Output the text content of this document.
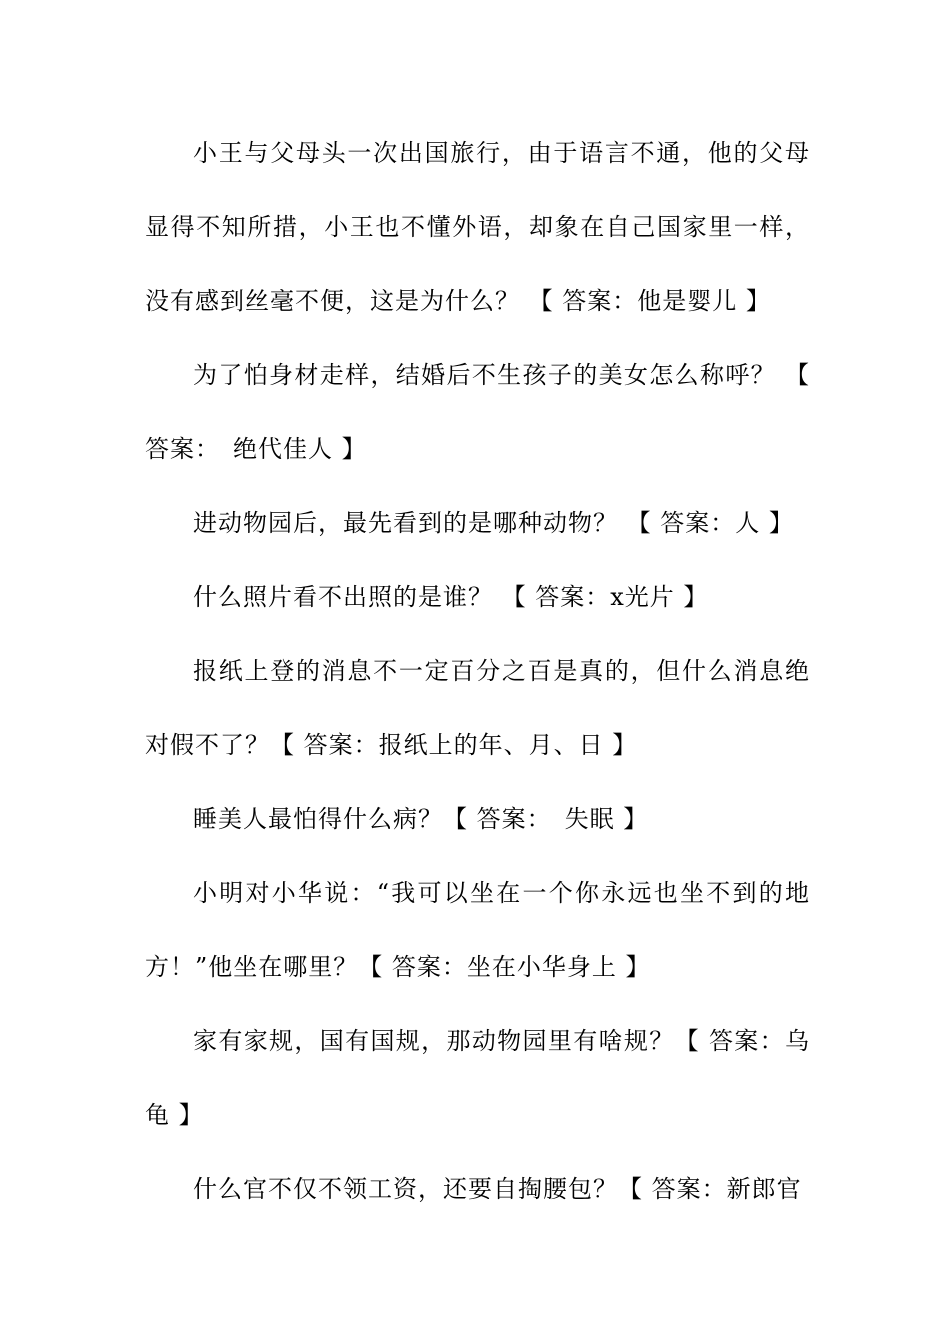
小王与父母头一次出国旅行，由于语言不通，他的父母显得不知所措，小王也不懂外语，却象在自己国家里一样，没有感到丝毫不便，这是为什么？ 【 答案：他是婴儿 】

为了怕身材走样，结婚后不生孩子的美女怎么称呼？ 【 答案：　绝代佳人 】

进动物园后，最先看到的是哪种动物？ 【 答案：人 】

什么照片看不出照的是谁？ 【 答案：x光片 】

报纸上登的消息不一定百分之百是真的，但什么消息绝对假不了？【 答案：报纸上的年、月、日 】

睡美人最怕得什么病？【 答案：　失眠 】

小明对小华说：“我可以坐在一个你永远也坐不到的地方！”他坐在哪里？【 答案：坐在小华身上 】

家有家规，国有国规，那动物园里有啥规？【 答案：乌龟 】

什么官不仅不领工资，还要自掏腰包？【 答案：新郎官
